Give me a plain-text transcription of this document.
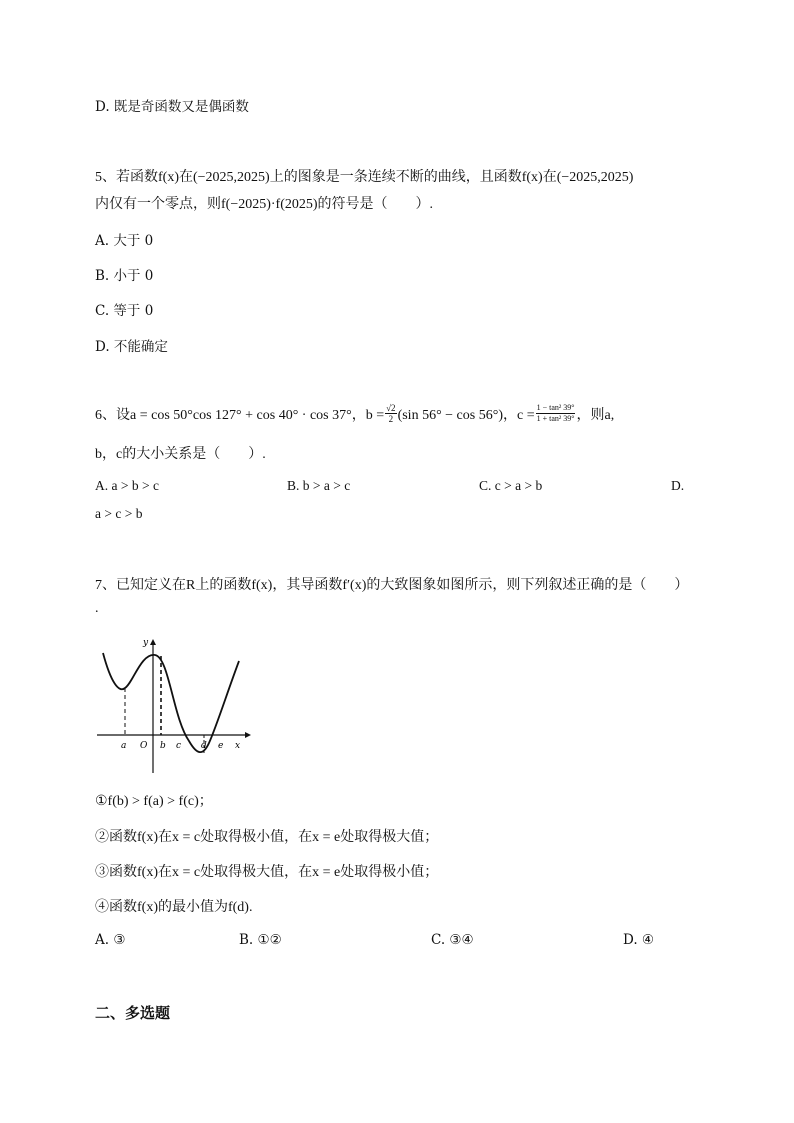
D. 既是奇函数又是偶函数
5、若函数f(x)在(−2025,2025)上的图象是一条连续不断的曲线，且函数f(x)在(−2025,2025)
内仅有一个零点，则f(−2025)·f(2025)的符号是（　　）.
A. 大于 0
B. 小于 0
C. 等于 0
D. 不能确定
6、设a = cos 50°cos 127° + cos 40° · cos 37°，$b = \frac{√2}{2} (\sin$ 56° − cos 56°)，$c = \frac{\text{1 − tan² 39°}}{\text{1 + tan² 39°}}$ ，则a,
b，c的大小关系是（　　）.
A. a > b > c	B. b > a > c	C. c > a > b	D.
a > c > b
7、已知定义在R上的函数f(x)，其导函数f′(x)的大致图象如图所示，则下列叙述正确的是（　　）
.
y
a O b c d e x
①f(b) > f(a) > f(c)；
②函数f(x)在x = c处取得极小值，在x = e处取得极大值；
③函数f(x)在x = c处取得极大值，在x = e处取得极小值；
④函数f(x)的最小值为f(d).
A. ③	B. ①②	C. ③④	D. ④
二、多选题
